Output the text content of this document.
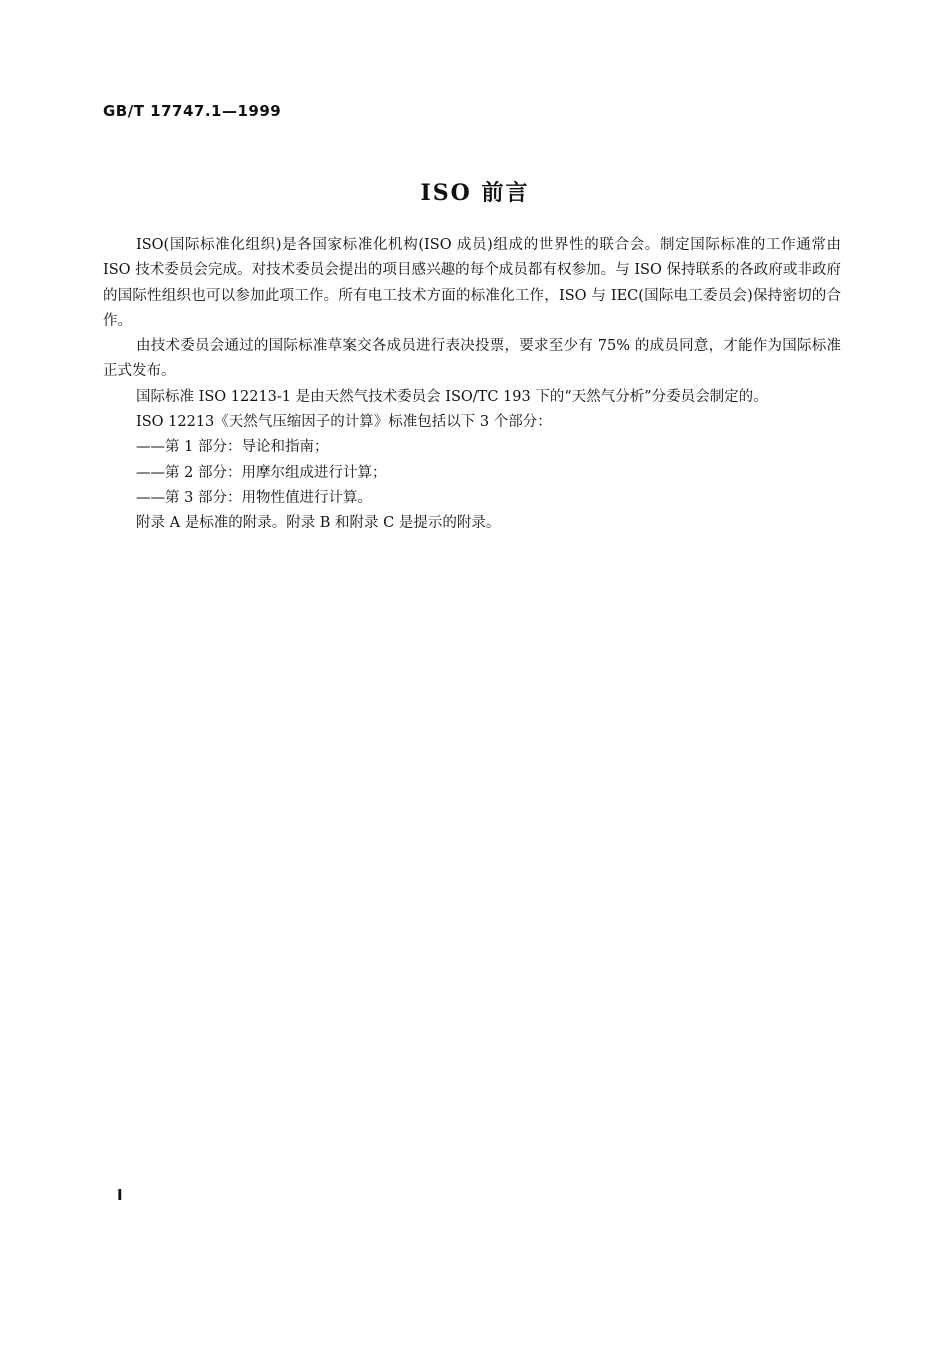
GB/T 17747.1—1999
ISO 前言

ISO(国际标准化组织)是各国家标准化机构(ISO 成员)组成的世界性的联合会。制定国际标准的工作通常由 ISO 技术委员会完成。对技术委员会提出的项目感兴趣的每个成员都有权参加。与 ISO 保持联系的各政府或非政府的国际性组织也可以参加此项工作。所有电工技术方面的标准化工作，ISO 与 IEC(国际电工委员会)保持密切的合作。

由技术委员会通过的国际标准草案交各成员进行表决投票，要求至少有 75% 的成员同意，才能作为国际标准正式发布。

国际标准 ISO 12213-1 是由天然气技术委员会 ISO/TC 193 下的“天然气分析”分委员会制定的。

ISO 12213《天然气压缩因子的计算》标准包括以下 3 个部分：

——第 1 部分：导论和指南；

——第 2 部分：用摩尔组成进行计算；

——第 3 部分：用物性值进行计算。

附录 A 是标准的附录。附录 B 和附录 C 是提示的附录。

I
